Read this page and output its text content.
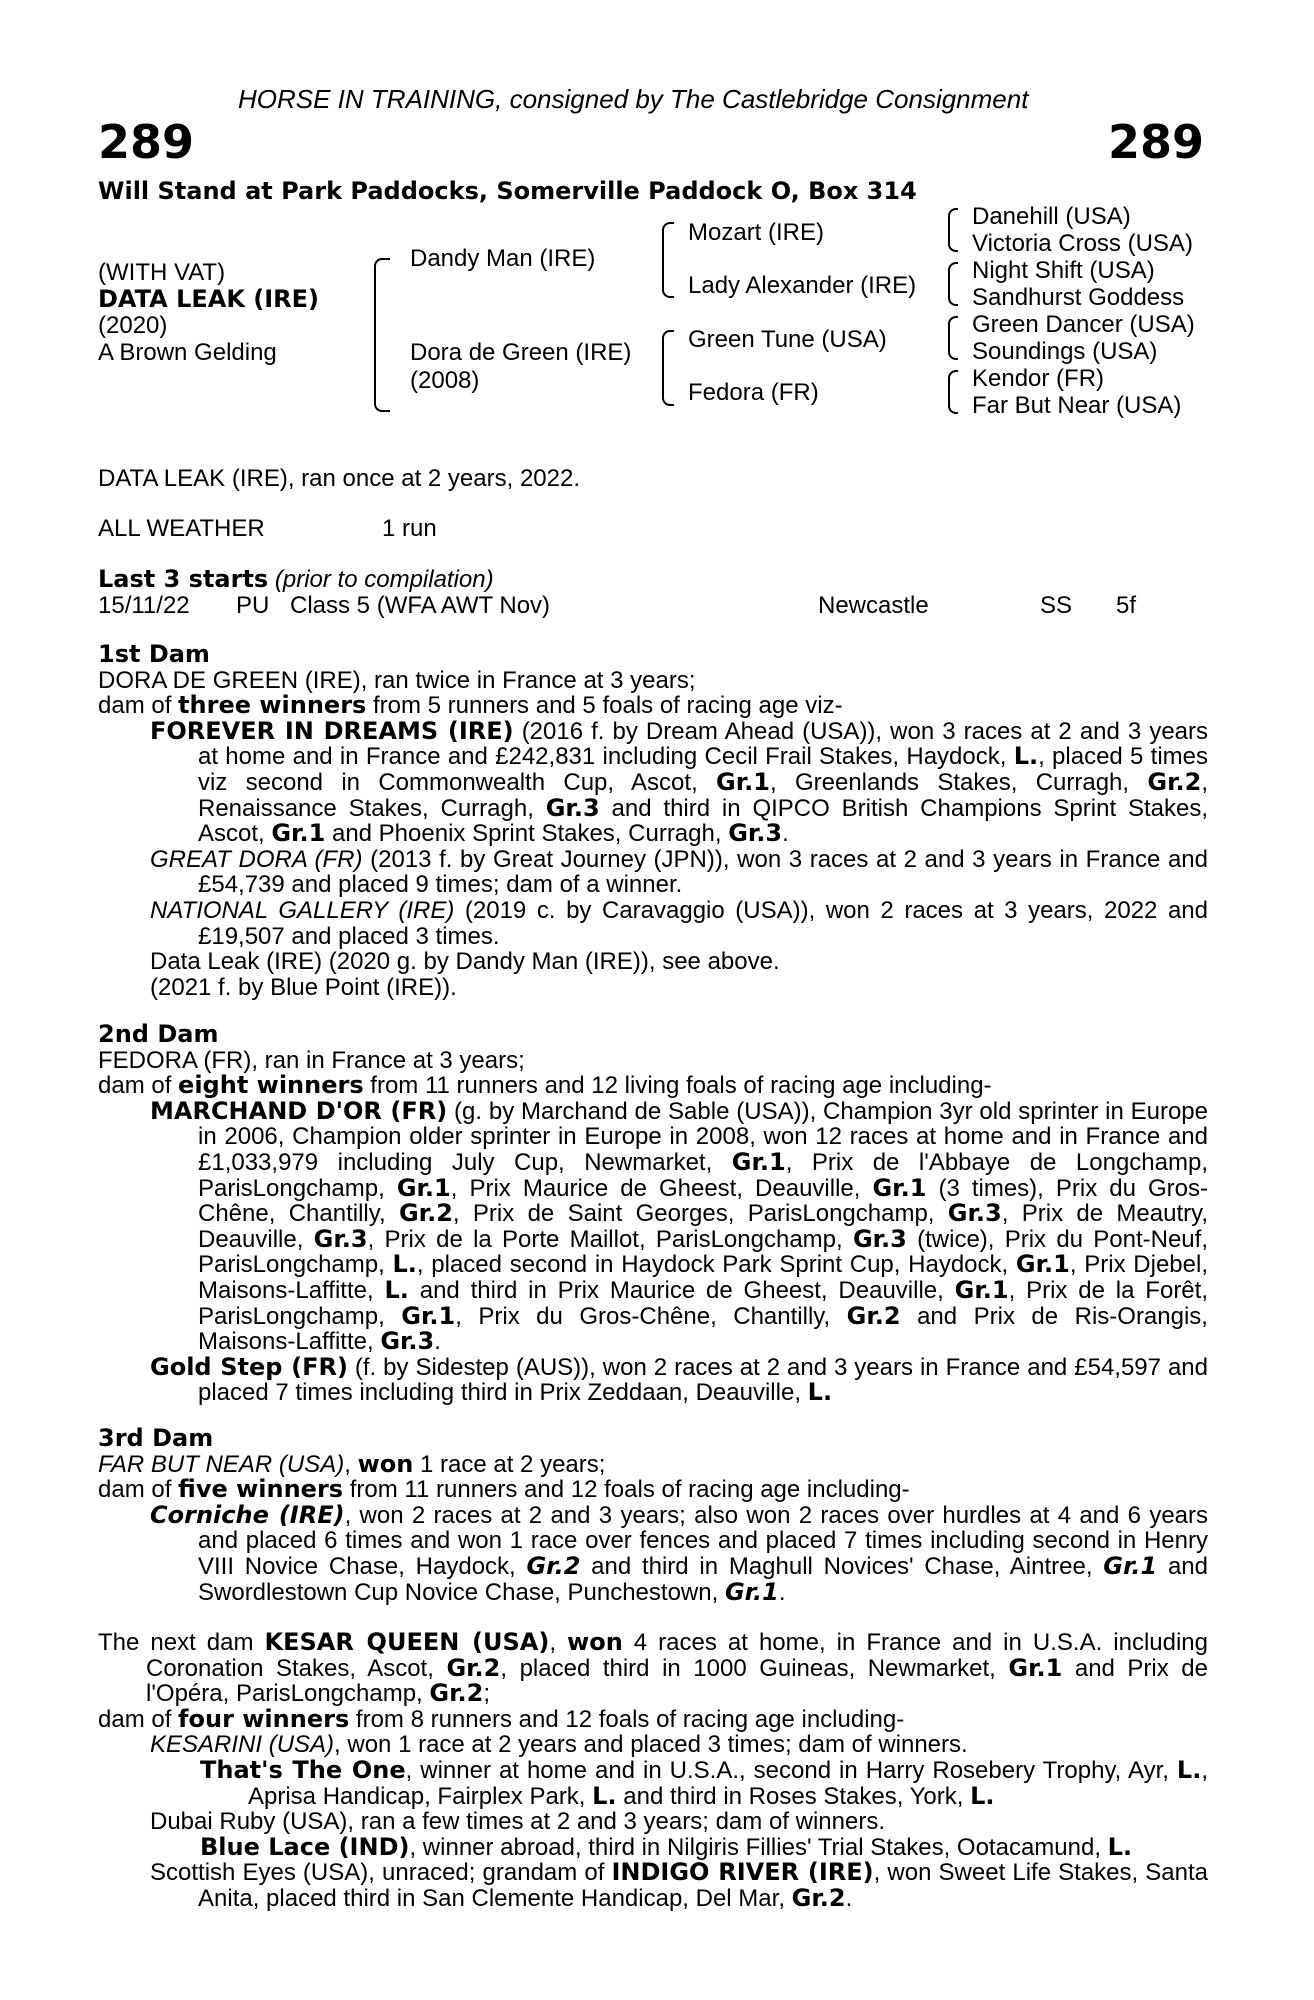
HORSE IN TRAINING, consigned by The Castlebridge Consignment
289	289
Will Stand at Park Paddocks, Somerville Paddock O, Box 314
(WITH VAT)
DATA LEAK (IRE)
(2020)
A Brown Gelding
Dandy Man (IRE)
Dora de Green (IRE)
(2008)
Mozart (IRE)
Lady Alexander (IRE)
Green Tune (USA)
Fedora (FR)
Danehill (USA)
Victoria Cross (USA)
Night Shift (USA)
Sandhurst Goddess
Green Dancer (USA)
Soundings (USA)
Kendor (FR)
Far But Near (USA)
DATA LEAK (IRE), ran once at 2 years, 2022.
ALL WEATHER	1 run
Last 3 starts (prior to compilation)
15/11/22 PU Class 5 (WFA AWT Nov)	Newcastle	SS 5f

1st Dam

DORA DE GREEN (IRE), ran twice in France at 3 years;

dam of three winners from 5 runners and 5 foals of racing age viz-

FOREVER IN DREAMS (IRE) (2016 f. by Dream Ahead (USA)), won 3 races at 2 and 3 years at home and in France and £242,831 including Cecil Frail Stakes, Haydock, L., placed 5 times viz second in Commonwealth Cup, Ascot, Gr.1, Greenlands Stakes, Curragh, Gr.2, Renaissance Stakes, Curragh, Gr.3 and third in QIPCO British Champions Sprint Stakes, Ascot, Gr.1 and Phoenix Sprint Stakes, Curragh, Gr.3.

GREAT DORA (FR) (2013 f. by Great Journey (JPN)), won 3 races at 2 and 3 years in France and £54,739 and placed 9 times; dam of a winner.

NATIONAL GALLERY (IRE) (2019 c. by Caravaggio (USA)), won 2 races at 3 years, 2022 and £19,507 and placed 3 times.

Data Leak (IRE) (2020 g. by Dandy Man (IRE)), see above.

(2021 f. by Blue Point (IRE)).

2nd Dam

FEDORA (FR), ran in France at 3 years;

dam of eight winners from 11 runners and 12 living foals of racing age including-

MARCHAND D'OR (FR) (g. by Marchand de Sable (USA)), Champion 3yr old sprinter in Europe in 2006, Champion older sprinter in Europe in 2008, won 12 races at home and in France and £1,033,979 including July Cup, Newmarket, Gr.1, Prix de l'Abbaye de Longchamp, ParisLongchamp, Gr.1, Prix Maurice de Gheest, Deauville, Gr.1 (3 times), Prix du Gros-Chêne, Chantilly, Gr.2, Prix de Saint Georges, ParisLongchamp, Gr.3, Prix de Meautry, Deauville, Gr.3, Prix de la Porte Maillot, ParisLongchamp, Gr.3 (twice), Prix du Pont-Neuf, ParisLongchamp, L., placed second in Haydock Park Sprint Cup, Haydock, Gr.1, Prix Djebel, Maisons-Laffitte, L. and third in Prix Maurice de Gheest, Deauville, Gr.1, Prix de la Forêt, ParisLongchamp, Gr.1, Prix du Gros-Chêne, Chantilly, Gr.2 and Prix de Ris-Orangis, Maisons-Laffitte, Gr.3.

Gold Step (FR) (f. by Sidestep (AUS)), won 2 races at 2 and 3 years in France and £54,597 and placed 7 times including third in Prix Zeddaan, Deauville, L.

3rd Dam

FAR BUT NEAR (USA), won 1 race at 2 years;

dam of five winners from 11 runners and 12 foals of racing age including-

Corniche (IRE), won 2 races at 2 and 3 years; also won 2 races over hurdles at 4 and 6 years and placed 6 times and won 1 race over fences and placed 7 times including second in Henry VIII Novice Chase, Haydock, Gr.2 and third in Maghull Novices' Chase, Aintree, Gr.1 and Swordlestown Cup Novice Chase, Punchestown, Gr.1.

The next dam KESAR QUEEN (USA), won 4 races at home, in France and in U.S.A. including Coronation Stakes, Ascot, Gr.2, placed third in 1000 Guineas, Newmarket, Gr.1 and Prix de l'Opéra, ParisLongchamp, Gr.2;

dam of four winners from 8 runners and 12 foals of racing age including-

KESARINI (USA), won 1 race at 2 years and placed 3 times; dam of winners.

That's The One, winner at home and in U.S.A., second in Harry Rosebery Trophy, Ayr, L., Aprisa Handicap, Fairplex Park, L. and third in Roses Stakes, York, L.

Dubai Ruby (USA), ran a few times at 2 and 3 years; dam of winners.

Blue Lace (IND), winner abroad, third in Nilgiris Fillies' Trial Stakes, Ootacamund, L.

Scottish Eyes (USA), unraced; grandam of INDIGO RIVER (IRE), won Sweet Life Stakes, Santa Anita, placed third in San Clemente Handicap, Del Mar, Gr.2.
